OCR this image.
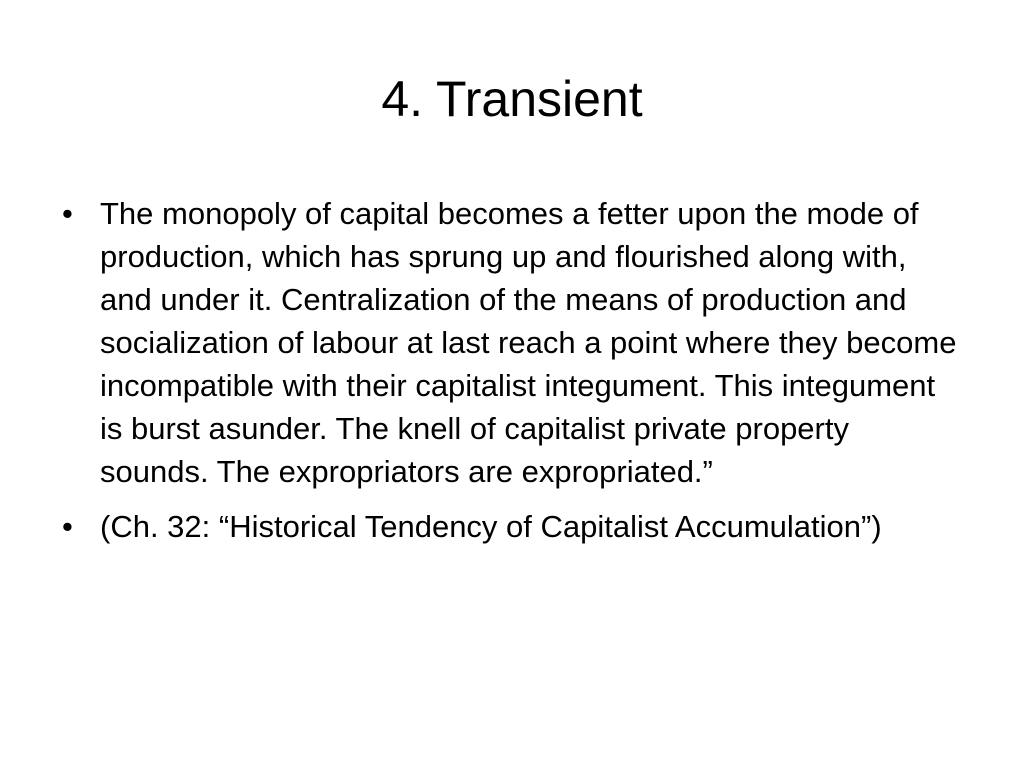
4. Transient
• The monopoly of capital becomes a fetter upon the mode of production, which has sprung up and flourished along with, and under it. Centralization of the means of production and socialization of labour at last reach a point where they become incompatible with their capitalist integument. This integument is burst asunder. The knell of capitalist private property sounds. The expropriators are expropriated.”
• (Ch. 32: “Historical Tendency of Capitalist Accumulation”)
